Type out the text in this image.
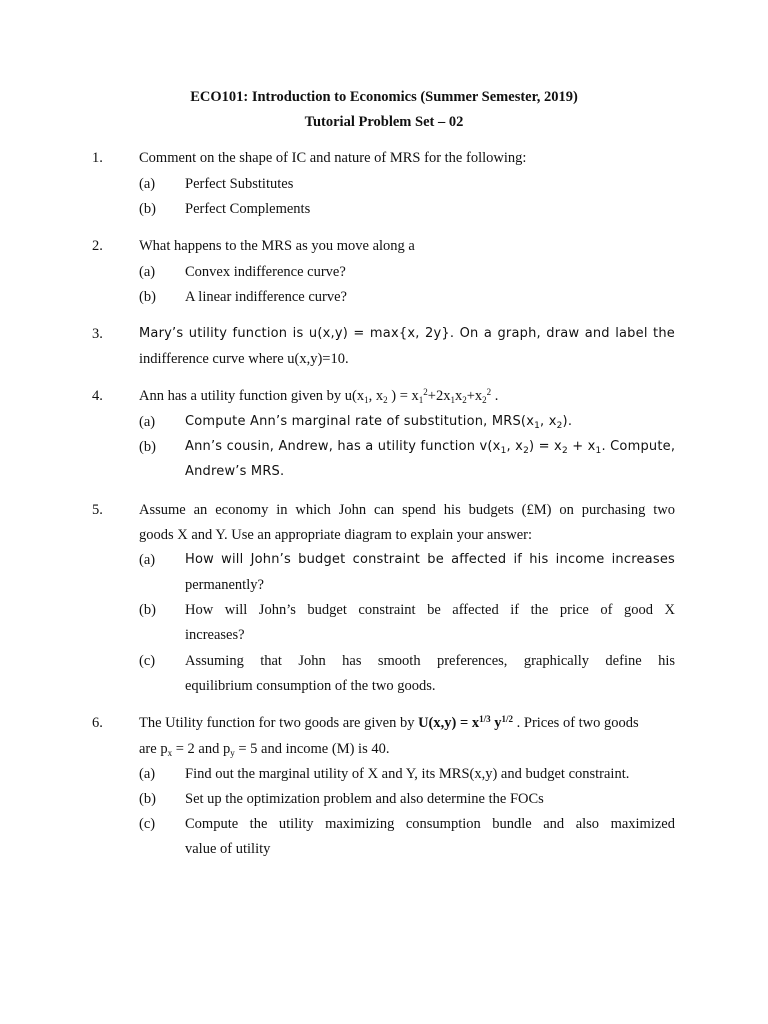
ECO101: Introduction to Economics (Summer Semester, 2019)
Tutorial Problem Set – 02
1. Comment on the shape of IC and nature of MRS for the following:
(a) Perfect Substitutes
(b) Perfect Complements
2. What happens to the MRS as you move along a
(a) Convex indifference curve?
(b) A linear indifference curve?
3.	Mary’s utility function is u(x,y) = max{x, 2y}. On a graph, draw and label the
indifference curve where u(x,y)=10.
4. Ann has a utility function given by $u(x_1$, $x_2$ ) = $x_1^2+2x_1x_2+x_2^2$ .
(a) Compute Ann’s marginal rate of substitution, $MRS(x_1$, $x_2$).
(b) Ann’s cousin, Andrew, has a utility function $v(x_1$, $x_2) = x_2 + x_1$. Compute,
Andrew’s MRS.
5. Assume an economy in which John can spend his budgets (£M) on purchasing two
goods X and Y. Use an appropriate diagram to explain your answer:
(a) How will John’s budget constraint be affected if his income increases
permanently?
(b) How will John’s budget constraint be affected if the price of good X
increases?
(c) Assuming that John has smooth preferences, graphically define his
equilibrium consumption of the two goods.
6. The Utility function for two goods are given by $U(x,y) = x^{1/3}$ $y^{1/2}$ . Prices of two goods
are $p_x = 2$ and $p_y = 5$ and income (M) is 40.
(a) Find out the marginal utility of X and Y, its MRS(x,y) and budget constraint.
(b) Set up the optimization problem and also determine the FOCs
(c) Compute the utility maximizing consumption bundle and also maximized
value of utility
